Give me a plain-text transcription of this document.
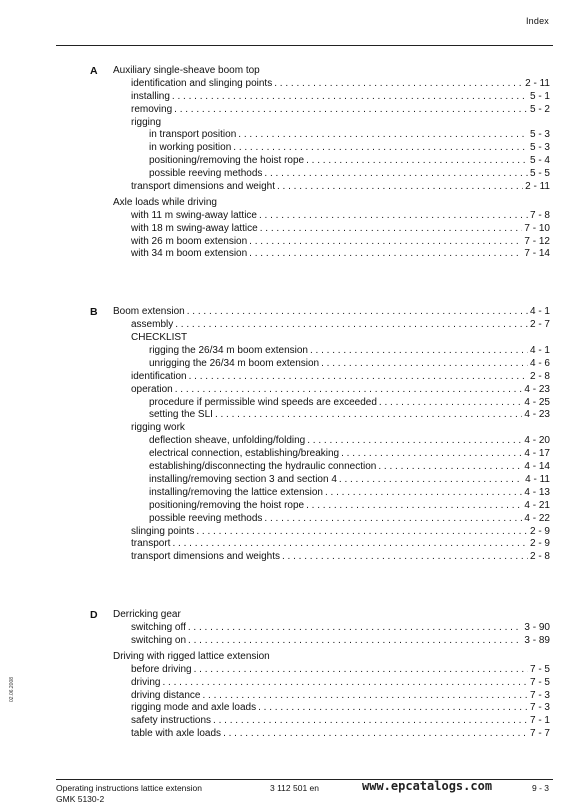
Index
A Auxiliary single-sheave boom top
identification and slinging points . . .	2 - 11
installing . . .	5 - 1
removing . . .	5 - 2
rigging
in transport position . . .	5 - 3
in working position . . .	5 - 3
positioning/removing the hoist rope . . .	5 - 4
possible reeving methods . . .	5 - 5
transport dimensions and weight . . .	2 - 11
Axle loads while driving
with 11 m swing-away lattice . . .	7 - 8
with 18 m swing-away lattice . . .	7 - 10
with 26 m boom extension . . .	7 - 12
with 34 m boom extension . . .	7 - 14
B Boom extension . . .	4 - 1
assembly . . .	2 - 7
CHECKLIST
rigging the 26/34 m boom extension . . .	4 - 1
unrigging the 26/34 m boom extension . . .	4 - 6
identification . . .	2 - 8
operation . . .	4 - 23
procedure if permissible wind speeds are exceeded . . .	4 - 25
setting the SLI . . .	4 - 23
rigging work
deflection sheave, unfolding/folding . . .	4 - 20
electrical connection, establishing/breaking . . .	4 - 17
establishing/disconnecting the hydraulic connection . . .	4 - 14
installing/removing section 3 and section 4 . . .	4 - 11
installing/removing the lattice extension . . .	4 - 13
positioning/removing the hoist rope . . .	4 - 21
possible reeving methods . . .	4 - 22
slinging points . . .	2 - 9
transport . . .	2 - 9
transport dimensions and weights . . .	2 - 8
D Derricking gear
switching off . . .	3 - 90
switching on . . .	3 - 89
Driving with rigged lattice extension
before driving . . .	7 - 5
driving . . .	7 - 5
driving distance . . .	7 - 3
rigging mode and axle loads . . .	7 - 3
safety instructions . . .	7 - 1
table with axle loads . . .	7 - 7
02.06.2008
Operating instructions lattice extension
GMK 5130-2
3 112 501 en	www.epcatalogs.com	9 - 3
